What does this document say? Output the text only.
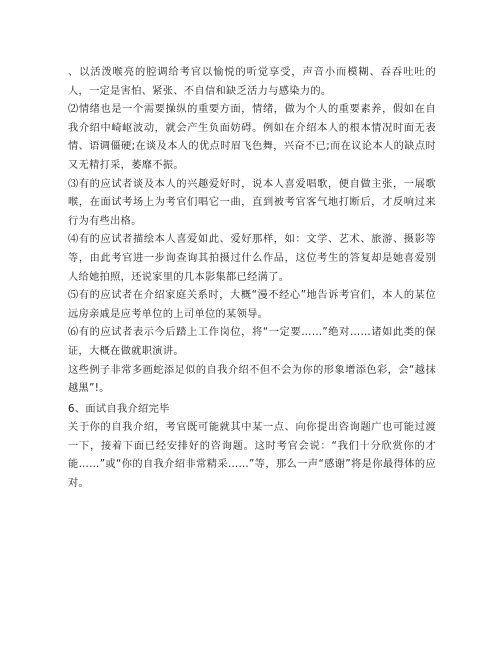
、以活泼喉亮的腔调给考官以愉悦的听觉享受，声音小而模糊、吞吞吐吐的人，一定是害怕、紧张、不自信和缺乏活力与感染力的。

⑵情绪也是一个需要操纵的重要方面，情绪，做为个人的重要素养，假如在自我介绍中崎岖波动，就会产生负面妨碍。例如在介绍本人的根本情况时面无表情、语调僵硬;在谈及本人的优点时眉飞色舞，兴奋不已;而在议论本人的缺点时又无精打采，萎靡不振。

⑶有的应试者谈及本人的兴趣爱好时，说本人喜爱唱歌，便自做主张，一展歌喉，在面试考场上为考官们唱它一曲，直到被考官客气地打断后，才反响过来行为有些出格。

⑷有的应试者描绘本人喜爱如此、爱好那样，如：文学、艺术、旅游、摄影等等，由此考官进一步询查询其拍摄过什么作品，这位考生的答复却是她喜爱别人给她拍照，还说家里的几本影集都已经满了。

⑸有的应试者在介绍家庭关系时，大概“漫不经心”地告诉考官们，本人的某位远房亲戚是应考单位的上司单位的某领导。

⑹有的应试者表示今后踏上工作岗位，将“一定要……”绝对……诸如此类的保证，大概在做就职演讲。

这些例子非常多画蛇添足似的自我介绍不但不会为你的形象增添色彩，会“越抹越黑”!。

6、面试自我介绍完毕

关于你的自我介绍，考官既可能就其中某一点、向你提出咨询题广也可能过渡一下，接着下面已经安排好的咨询题。这时考官会说：“我们十分欣赏你的才能……”或“你的自我介绍非常精采……”等，那么一声“感谢”将是你最得体的应对。
